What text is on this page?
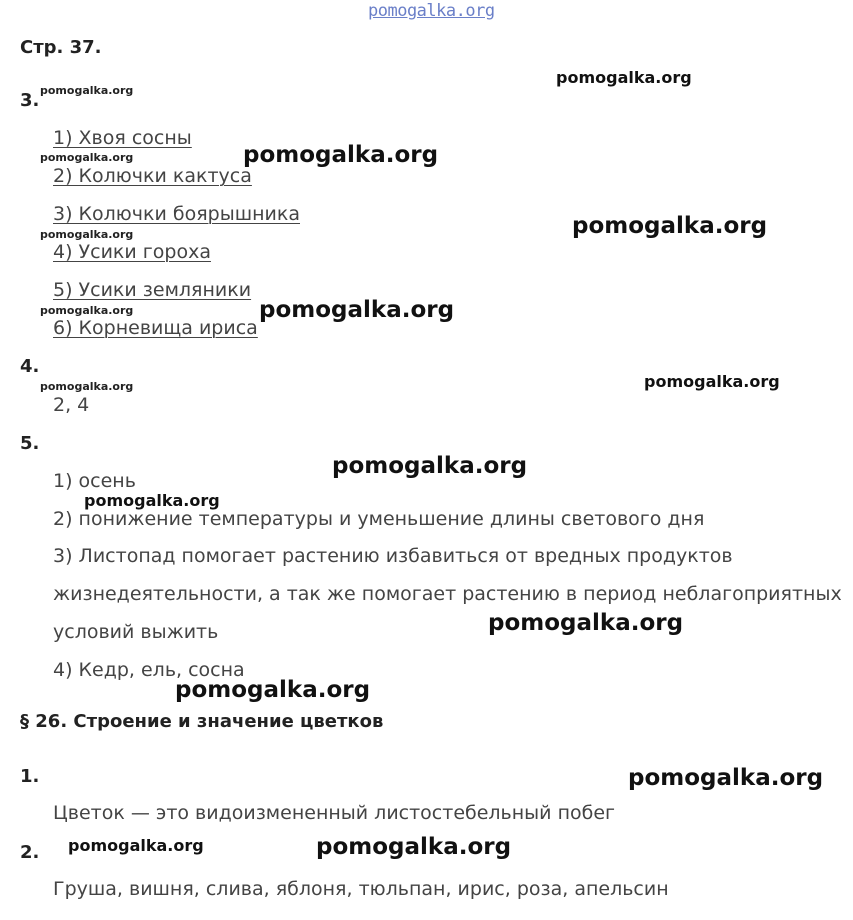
pomogalka.org
Стр. 37.
3.
1) Хвоя сосны
2) Колючки кактуса
3) Колючки боярышника
4) Усики гороха
5) Усики земляники
6) Корневища ириса
4.
2, 4
5.
1) осень
2) понижение температуры и уменьшение длины светового дня
3) Листопад помогает растению избавиться от вредных продуктов
жизнедеятельности, а так же помогает растению в период неблагоприятных
условий выжить
4) Кедр, ель, сосна
§ 26. Строение и значение цветков
1.
Цветок — это видоизмененный листостебельный побег
2.
Груша, вишня, слива, яблоня, тюльпан, ирис, роза, апельсин
pomogalka.org
pomogalka.org
pomogalka.org
pomogalka.org
pomogalka.org
pomogalka.org
pomogalka.org
pomogalka.org
pomogalka.org
pomogalka.org
pomogalka.org
pomogalka.org
pomogalka.org
pomogalka.org
pomogalka.org
pomogalka.org
pomogalka.org
